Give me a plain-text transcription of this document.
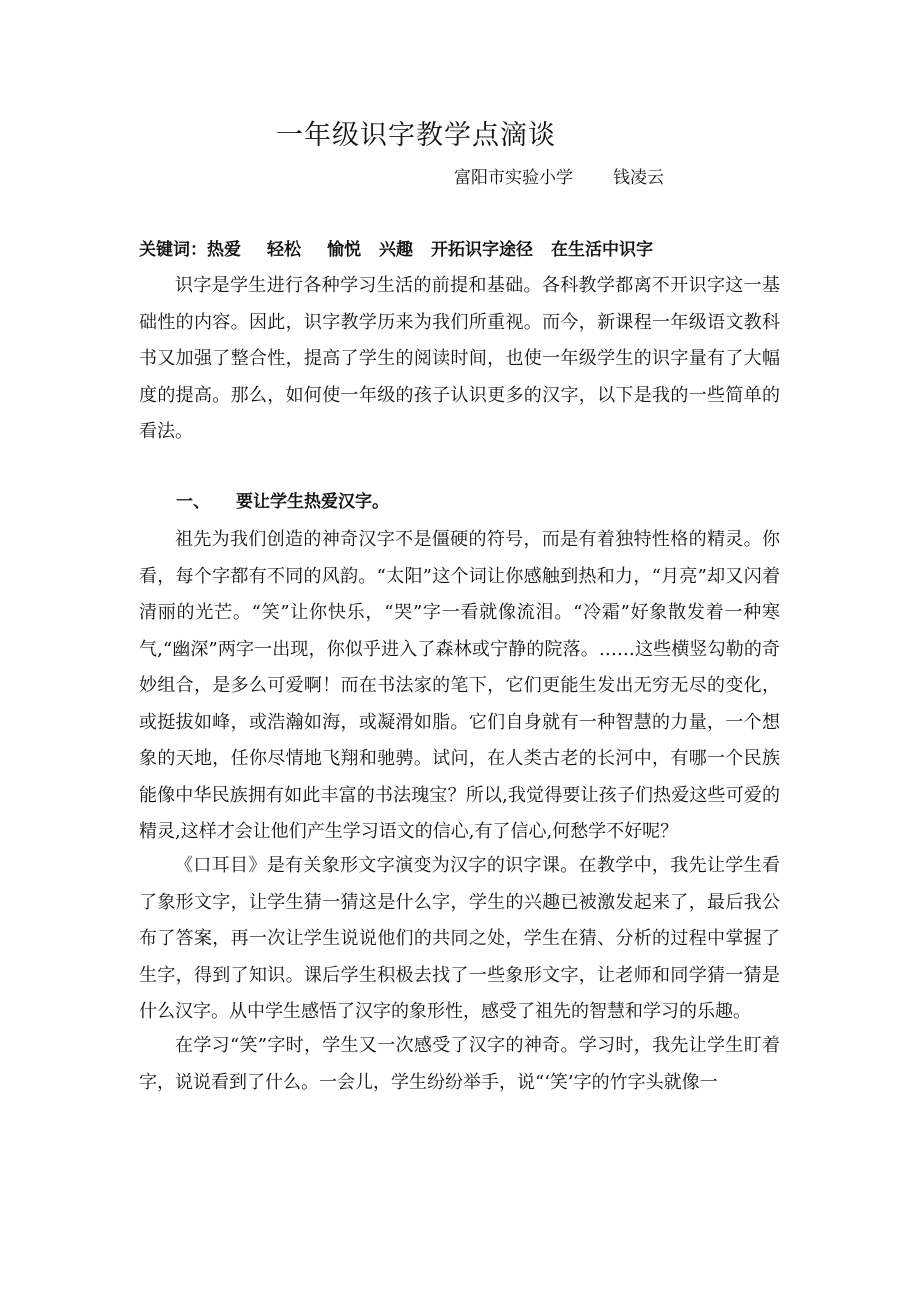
一年级识字教学点滴谈
富阳市实验小学 钱凌云
关键词：热爱 轻松 愉悦 兴趣 开拓识字途径 在生活中识字

识字是学生进行各种学习生活的前提和基础。各科教学都离不开识字这一基础性的内容。因此，识字教学历来为我们所重视。而今，新课程一年级语文教科书又加强了整合性，提高了学生的阅读时间，也使一年级学生的识字量有了大幅度的提高。那么，如何使一年级的孩子认识更多的汉字，以下是我的一些简单的看法。

一、 要让学生热爱汉字。

祖先为我们创造的神奇汉字不是僵硬的符号，而是有着独特性格的精灵。你看，每个字都有不同的风韵。“太阳”这个词让你感触到热和力，“月亮”却又闪着清丽的光芒。“笑”让你快乐，“哭”字一看就像流泪。“冷霜”好象散发着一种寒气,“幽深”两字一出现，你似乎进入了森林或宁静的院落。……这些横竖勾勒的奇妙组合，是多么可爱啊！而在书法家的笔下，它们更能生发出无穷无尽的变化，或挺拔如峰，或浩瀚如海，或凝滑如脂。它们自身就有一种智慧的力量，一个想象的天地，任你尽情地飞翔和驰骋。试问，在人类古老的长河中，有哪一个民族能像中华民族拥有如此丰富的书法瑰宝？所以,我觉得要让孩子们热爱这些可爱的精灵,这样才会让他们产生学习语文的信心,有了信心,何愁学不好呢？

《口耳目》是有关象形文字演变为汉字的识字课。在教学中，我先让学生看了象形文字，让学生猜一猜这是什么字，学生的兴趣已被激发起来了，最后我公布了答案，再一次让学生说说他们的共同之处，学生在猜、分析的过程中掌握了生字，得到了知识。课后学生积极去找了一些象形文字，让老师和同学猜一猜是什么汉字。从中学生感悟了汉字的象形性，感受了祖先的智慧和学习的乐趣。

在学习“笑”字时，学生又一次感受了汉字的神奇。学习时，我先让学生盯着字，说说看到了什么。一会儿，学生纷纷举手，说“‘笑’字的竹字头就像一
